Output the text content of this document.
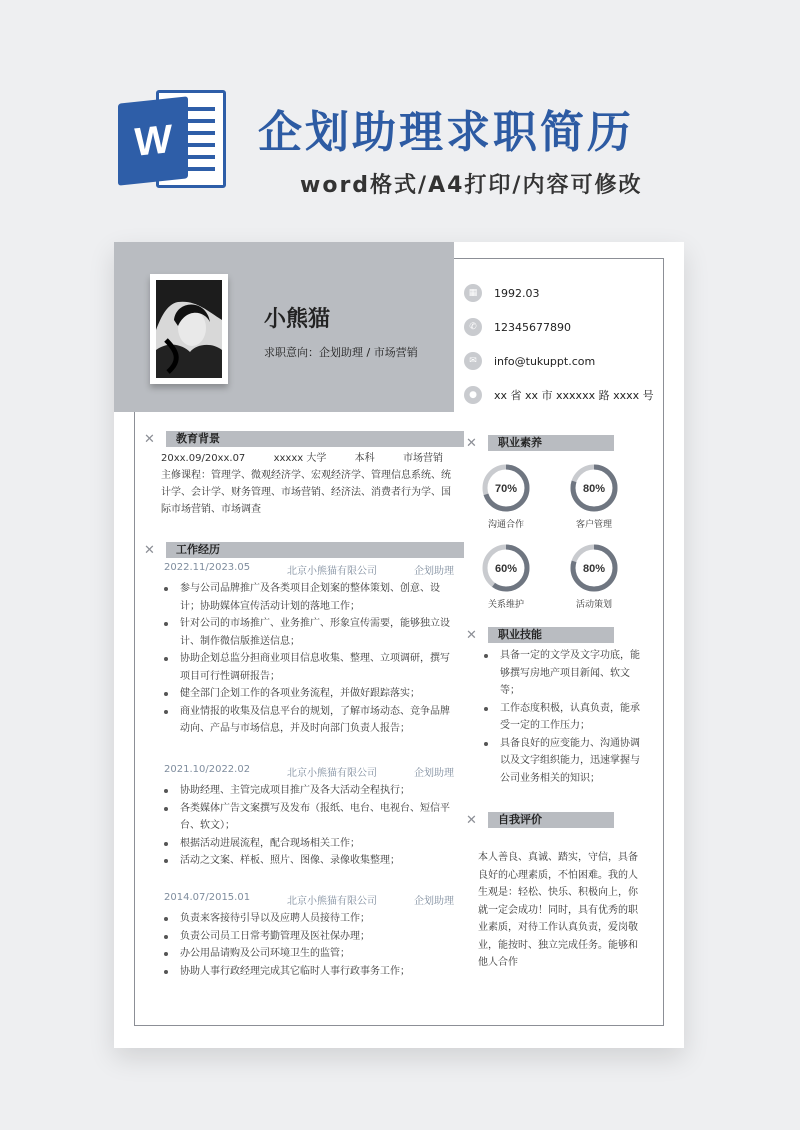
W	企划助理求职简历
word格式/A4打印/内容可修改
小熊猫
求职意向：企划助理 / 市场营销
▦	1992.03
✆	12345677890
✉	info@tukuppt.com
●	xx 省 xx 市 xxxxxx 路 xxxx 号
✕	教育背景
20xx.09/20xx.07	xxxxx 大学	本科	市场营销
主修课程：管理学、微观经济学、宏观经济学、管理信息系统、统计学、会计学、财务管理、市场营销、经济法、消费者行为学、国际市场营销、市场调查
✕	工作经历
2022.11/2023.05	北京小熊猫有限公司	企划助理
参与公司品牌推广及各类项目企划案的整体策划、创意、设计；协助媒体宣传活动计划的落地工作；
针对公司的市场推广、业务推广、形象宣传需要，能够独立设计、制作微信版推送信息；
协助企划总监分担商业项目信息收集、整理、立项调研，撰写项目可行性调研报告；
健全部门企划工作的各项业务流程，并做好跟踪落实；
商业情报的收集及信息平台的规划，了解市场动态、竞争品牌动向、产品与市场信息，并及时向部门负责人报告；
2021.10/2022.02	北京小熊猫有限公司	企划助理
协助经理、主管完成项目推广及各大活动全程执行；
各类媒体广告文案撰写及发布（报纸、电台、电视台、短信平台、软文）；
根据活动进展流程，配合现场相关工作；
活动之文案、样板、照片、图像、录像收集整理；
2014.07/2015.01	北京小熊猫有限公司	企划助理
负责来客接待引导以及应聘人员接待工作；
负责公司员工日常考勤管理及医社保办理；
办公用品请购及公司环境卫生的监管；
协助人事行政经理完成其它临时人事行政事务工作；
✕	职业素养
70%	80%
60%	80%
沟通合作	客户管理
关系维护	活动策划
✕	职业技能
具备一定的文学及文字功底，能够撰写房地产项目新闻、软文等；
工作态度积极，认真负责，能承受一定的工作压力；
具备良好的应变能力、沟通协调以及文字组织能力，迅速掌握与公司业务相关的知识；
✕	自我评价
本人善良、真诚、踏实，守信，具备良好的心理素质，不怕困难。我的人生观是：轻松、快乐、积极向上，你就一定会成功！同时，具有优秀的职业素质，对待工作认真负责，爱岗敬业，能按时、独立完成任务。能够和他人合作
